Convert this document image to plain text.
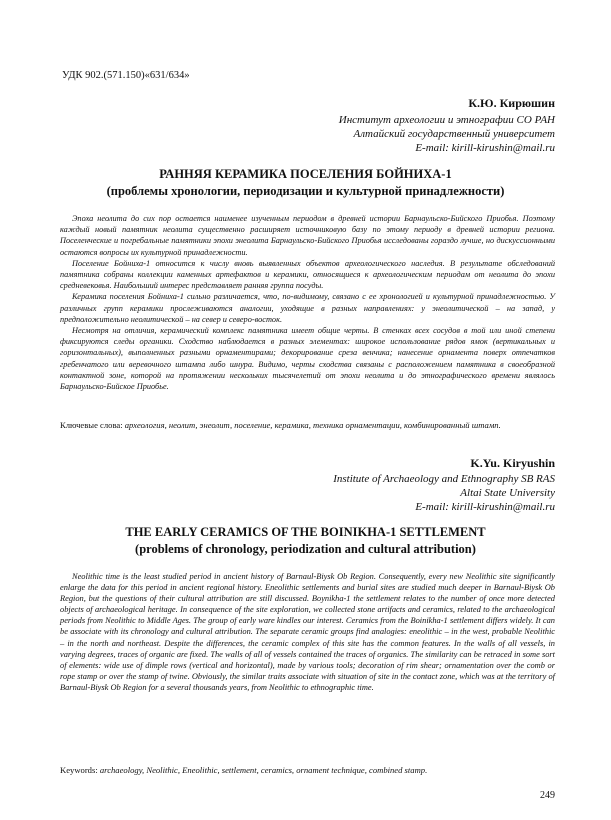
УДК 902.(571.150)«631/634»
К.Ю. Кирюшин
Институт археологии и этнографии СО РАН
Алтайский государственный университет
E-mail: kirill-kirushin@mail.ru
РАННЯЯ КЕРАМИКА ПОСЕЛЕНИЯ БОЙНИХА-1
(проблемы хронологии, периодизации и культурной принадлежности)

Эпоха неолита до сих пор остается наименее изученным периодом в древней истории Барнаульско-Бийского Приобья. Поэтому каждый новый памятник неолита существенно расширяет источниковую базу по этому периоду в древней истории региона. Поселенческие и погребальные памятники эпохи энеолита Барнаульско-Бийского Приобья исследованы гораздо лучше, но дискуссионными остаются вопросы их культурной принадлежности.

Поселение Бойниха-1 относится к числу вновь выявленных объектов археологического наследия. В результате обследований памятника собраны коллекции каменных артефактов и керамики, относящиеся к археологическим периодам от неолита до эпохи средневековья. Наибольший интерес представляет ранняя группа посуды.

Керамика поселения Бойниха-1 сильно различается, что, по-видимому, связано с ее хронологией и культурной принадлежностью. У различных групп керамики прослеживаются аналогии, уходящие в разных направлениях: у энеолитической – на запад, у предположительно неолитической – на север и северо-восток.

Несмотря на отличия, керамический комплекс памятника имеет общие черты. В стенках всех сосудов в той или иной степени фиксируются следы органики. Сходство наблюдается в разных элементах: широкое использование рядов ямок (вертикальных и горизонтальных), выполненных разными орнаментирами; декорирование среза венчика; нанесение орнамента поверх отпечатков гребенчатого или веревочного штампа либо шнура. Видимо, черты сходства связаны с расположением памятника в своеобразной контактной зоне, которой на протяжении нескольких тысячелетий от эпохи неолита и до этнографического времени являлось Барнаульско-Бийское Приобье.

Ключевые слова: археология, неолит, энеолит, поселение, керамика, техника орнаментации, комбинированный штамп.
K.Yu. Kiryushin
Institute of Archaeology and Ethnography SB RAS
Altai State University
E-mail: kirill-kirushin@mail.ru
THE EARLY CERAMICS OF THE BOINIKHA-1 SETTLEMENT
(problems of chronology, periodization and cultural attribution)

Neolithic time is the least studied period in ancient history of Barnaul-Biysk Ob Region. Consequently, every new Neolithic site significantly enlarge the data for this period in ancient regional history. Eneolithic settlements and burial sites are studied much deeper in Barnaul-Biysk Ob Region, but the questions of their cultural attribution are still discussed. Boynikha-1 the settlement relates to the number of once more detected objects of archaeological heritage. In consequence of the site exploration, we collected stone artifacts and ceramics, related to the archaeological periods from Neolithic to Middle Ages. The group of early ware kindles our interest. Ceramics from the Boinikha-1 settlement differs widely. It can be associate with its chronology and cultural attribution. The separate ceramic groups find analogies: eneolithic – in the west, probable Neolithic – in the north and northeast. Despite the differences, the ceramic complex of this site has the common features. In the walls of all vessels, in varying degrees, traces of organic are fixed. The walls of all of vessels contained the traces of organics. The similarity can be retraced in some sort of elements: wide use of dimple rows (vertical and horizontal), made by various tools; decoration of rim shear; ornamentation over the comb or rope stamp or over the stamp of twine. Obviously, the similar traits associate with situation of site in the contact zone, which was at the territory of Barnaul-Biysk Ob Region for a several thousands years, from Neolithic to ethnographic time.

Keywords: archaeology, Neolithic, Eneolithic, settlement, ceramics, ornament technique, combined stamp.
249
